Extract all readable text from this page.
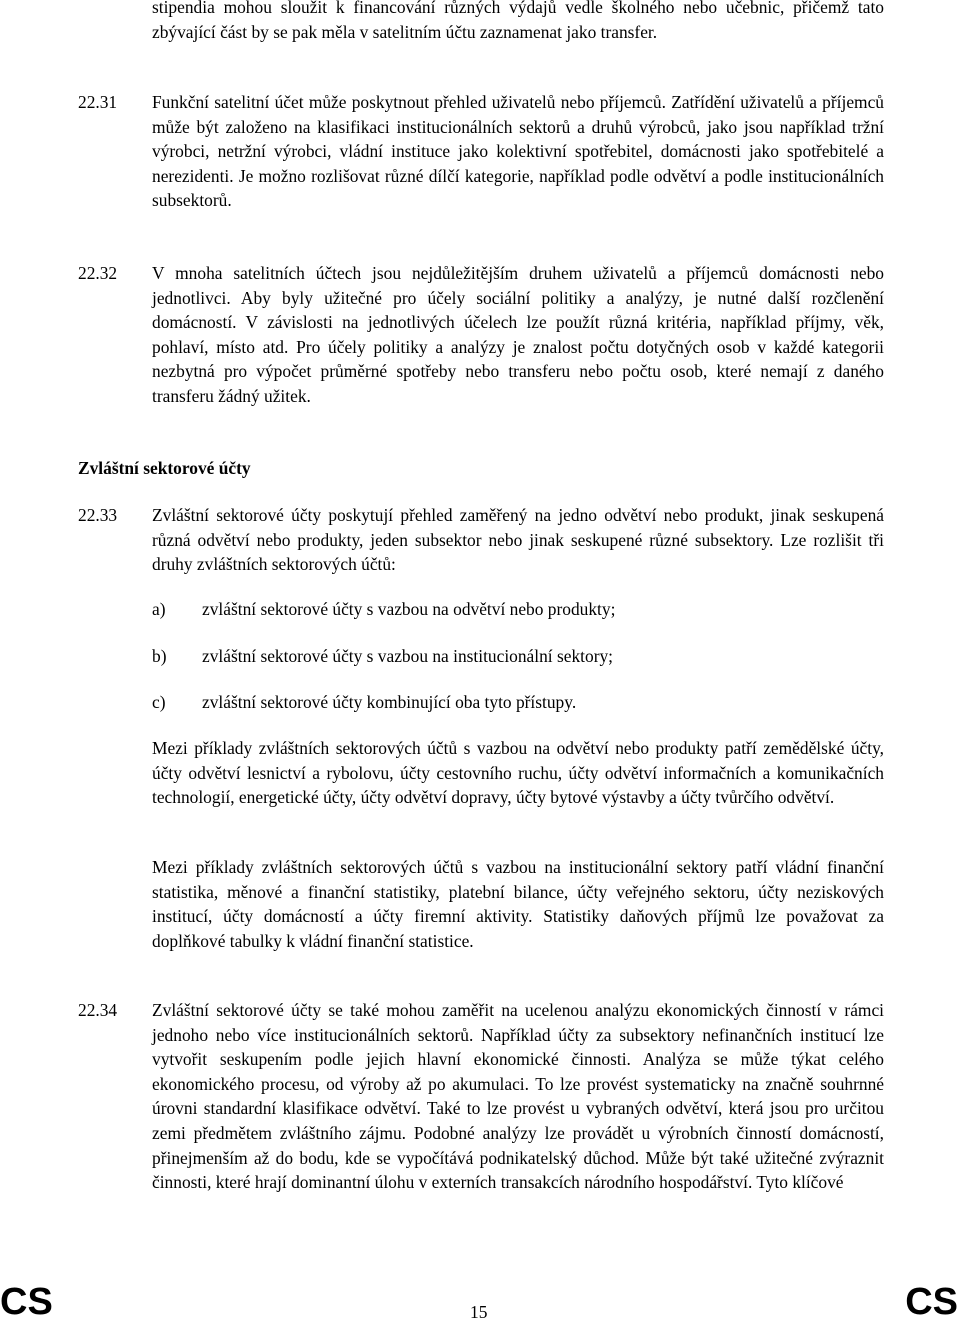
stipendia mohou sloužit k financování různých výdajů vedle školného nebo učebnic, přičemž tato zbývající část by se pak měla v satelitním účtu zaznamenat jako transfer.
22.31	Funkční satelitní účet může poskytnout přehled uživatelů nebo příjemců. Zatřídění uživatelů a příjemců může být založeno na klasifikaci institucionálních sektorů a druhů výrobců, jako jsou například tržní výrobci, netržní výrobci, vládní instituce jako kolektivní spotřebitel, domácnosti jako spotřebitelé a nerezidenti. Je možno rozlišovat různé dílčí kategorie, například podle odvětví a podle institucionálních subsektorů.
22.32	V mnoha satelitních účtech jsou nejdůležitějším druhem uživatelů a příjemců domácnosti nebo jednotlivci. Aby byly užitečné pro účely sociální politiky a analýzy, je nutné další rozčlenění domácností. V závislosti na jednotlivých účelech lze použít různá kritéria, například příjmy, věk, pohlaví, místo atd. Pro účely politiky a analýzy je znalost počtu dotyčných osob v každé kategorii nezbytná pro výpočet průměrné spotřeby nebo transferu nebo počtu osob, které nemají z daného transferu žádný užitek.
Zvláštní sektorové účty
22.33	Zvláštní sektorové účty poskytují přehled zaměřený na jedno odvětví nebo produkt, jinak seskupená různá odvětví nebo produkty, jeden subsektor nebo jinak seskupené různé subsektory. Lze rozlišit tři druhy zvláštních sektorových účtů:
a) zvláštní sektorové účty s vazbou na odvětví nebo produkty;
b) zvláštní sektorové účty s vazbou na institucionální sektory;
c) zvláštní sektorové účty kombinující oba tyto přístupy.
Mezi příklady zvláštních sektorových účtů s vazbou na odvětví nebo produkty patří zemědělské účty, účty odvětví lesnictví a rybolovu, účty cestovního ruchu, účty odvětví informačních a komunikačních technologií, energetické účty, účty odvětví dopravy, účty bytové výstavby a účty tvůrčího odvětví.
Mezi příklady zvláštních sektorových účtů s vazbou na institucionální sektory patří vládní finanční statistika, měnové a finanční statistiky, platební bilance, účty veřejného sektoru, účty neziskových institucí, účty domácností a účty firemní aktivity. Statistiky daňových příjmů lze považovat za doplňkové tabulky k vládní finanční statistice.
22.34	Zvláštní sektorové účty se také mohou zaměřit na ucelenou analýzu ekonomických činností v rámci jednoho nebo více institucionálních sektorů. Například účty za subsektory nefinančních institucí lze vytvořit seskupením podle jejich hlavní ekonomické činnosti. Analýza se může týkat celého ekonomického procesu, od výroby až po akumulaci. To lze provést systematicky na značně souhrnné úrovni standardní klasifikace odvětví. Také to lze provést u vybraných odvětví, která jsou pro určitou zemi předmětem zvláštního zájmu. Podobné analýzy lze provádět u výrobních činností domácností, přinejmenším až do bodu, kde se vypočítává podnikatelský důchod. Může být také užitečné zvýraznit činnosti, které hrají dominantní úlohu v externích transakcích národního hospodářství. Tyto klíčové
CS	15	CS
